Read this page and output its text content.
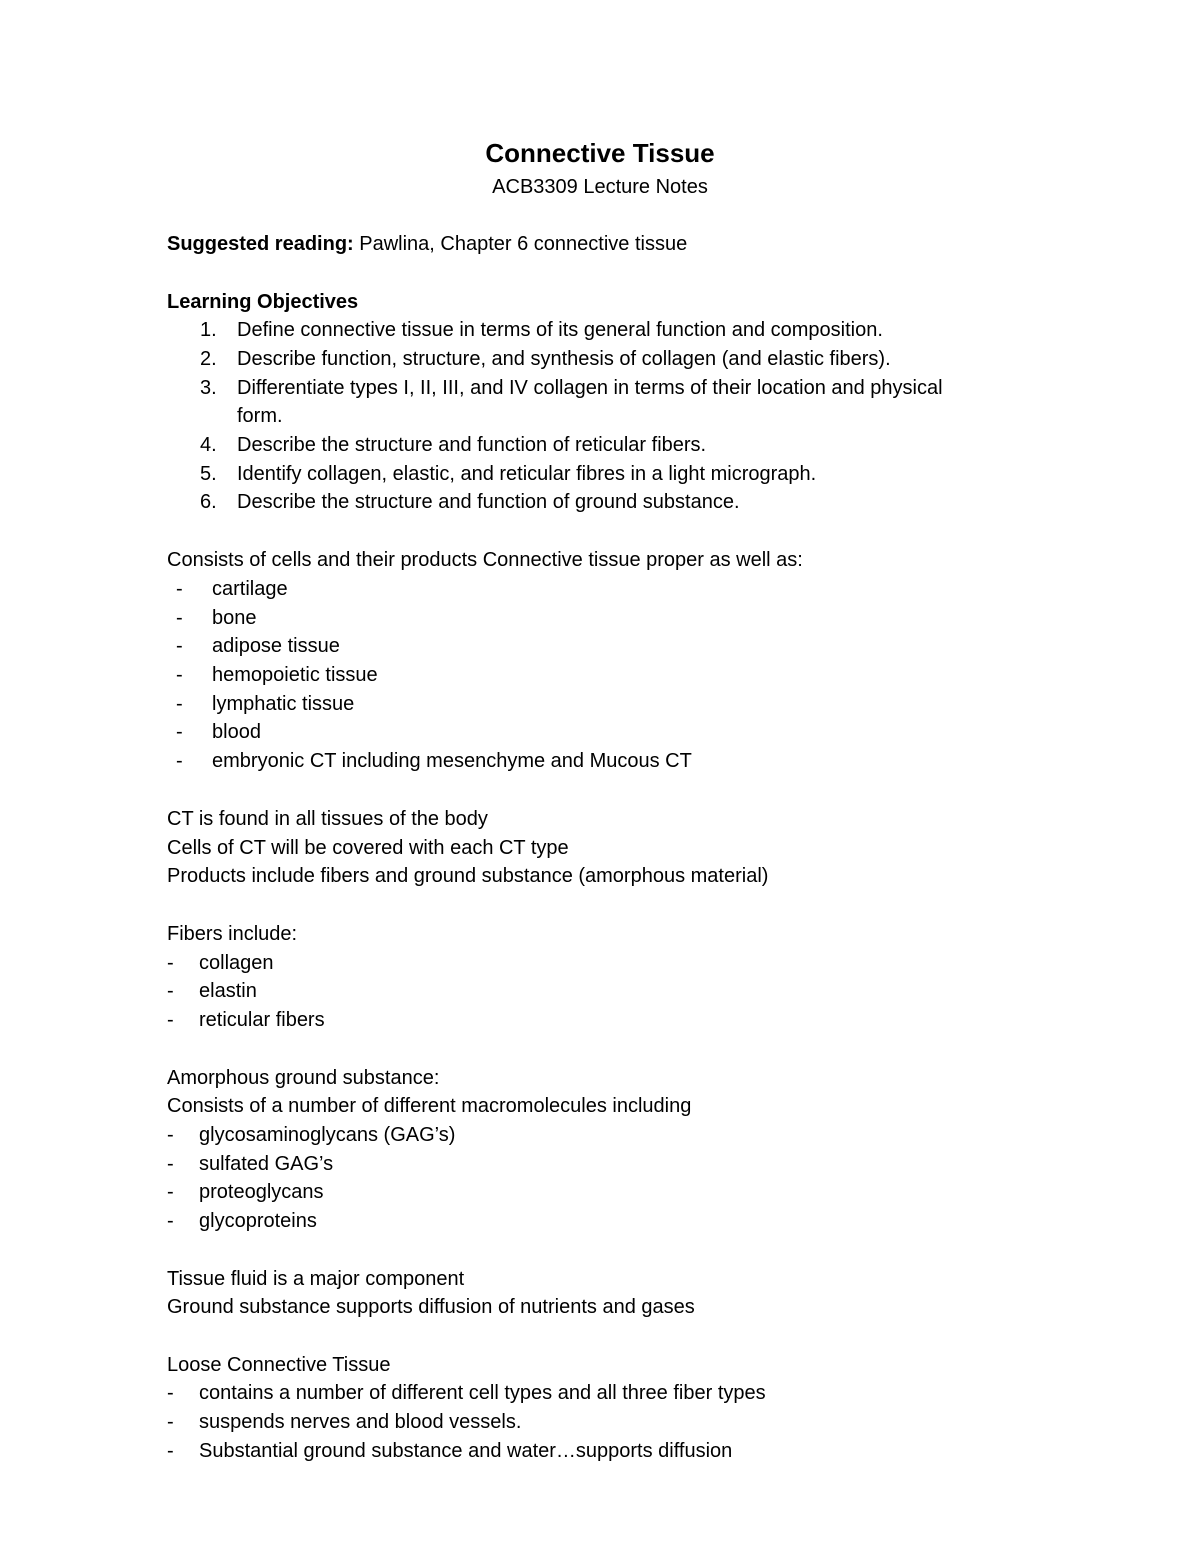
Connective Tissue
ACB3309 Lecture Notes
Suggested reading: Pawlina, Chapter 6 connective tissue
Learning Objectives
1.	Define connective tissue in terms of its general function and composition.
2.	Describe function, structure, and synthesis of collagen (and elastic fibers).
3.	Differentiate types I, II, III, and IV collagen in terms of their location and physical
form.
4.	Describe the structure and function of reticular fibers.
5.	Identify collagen, elastic, and reticular fibres in a light micrograph.
6.	Describe the structure and function of ground substance.
Consists of cells and their products Connective tissue proper as well as:
- cartilage
- bone
- adipose tissue
- hemopoietic tissue
- lymphatic tissue
- blood
- embryonic CT including mesenchyme and Mucous CT
CT is found in all tissues of the body
Cells of CT will be covered with each CT type
Products include fibers and ground substance (amorphous material)
Fibers include:
- collagen
- elastin
- reticular fibers
Amorphous ground substance:
Consists of a number of different macromolecules including
- glycosaminoglycans (GAG’s)
- sulfated GAG’s
- proteoglycans
- glycoproteins
Tissue fluid is a major component
Ground substance supports diffusion of nutrients and gases
Loose Connective Tissue
- contains a number of different cell types and all three fiber types
- suspends nerves and blood vessels.
- Substantial ground substance and water…supports diffusion
